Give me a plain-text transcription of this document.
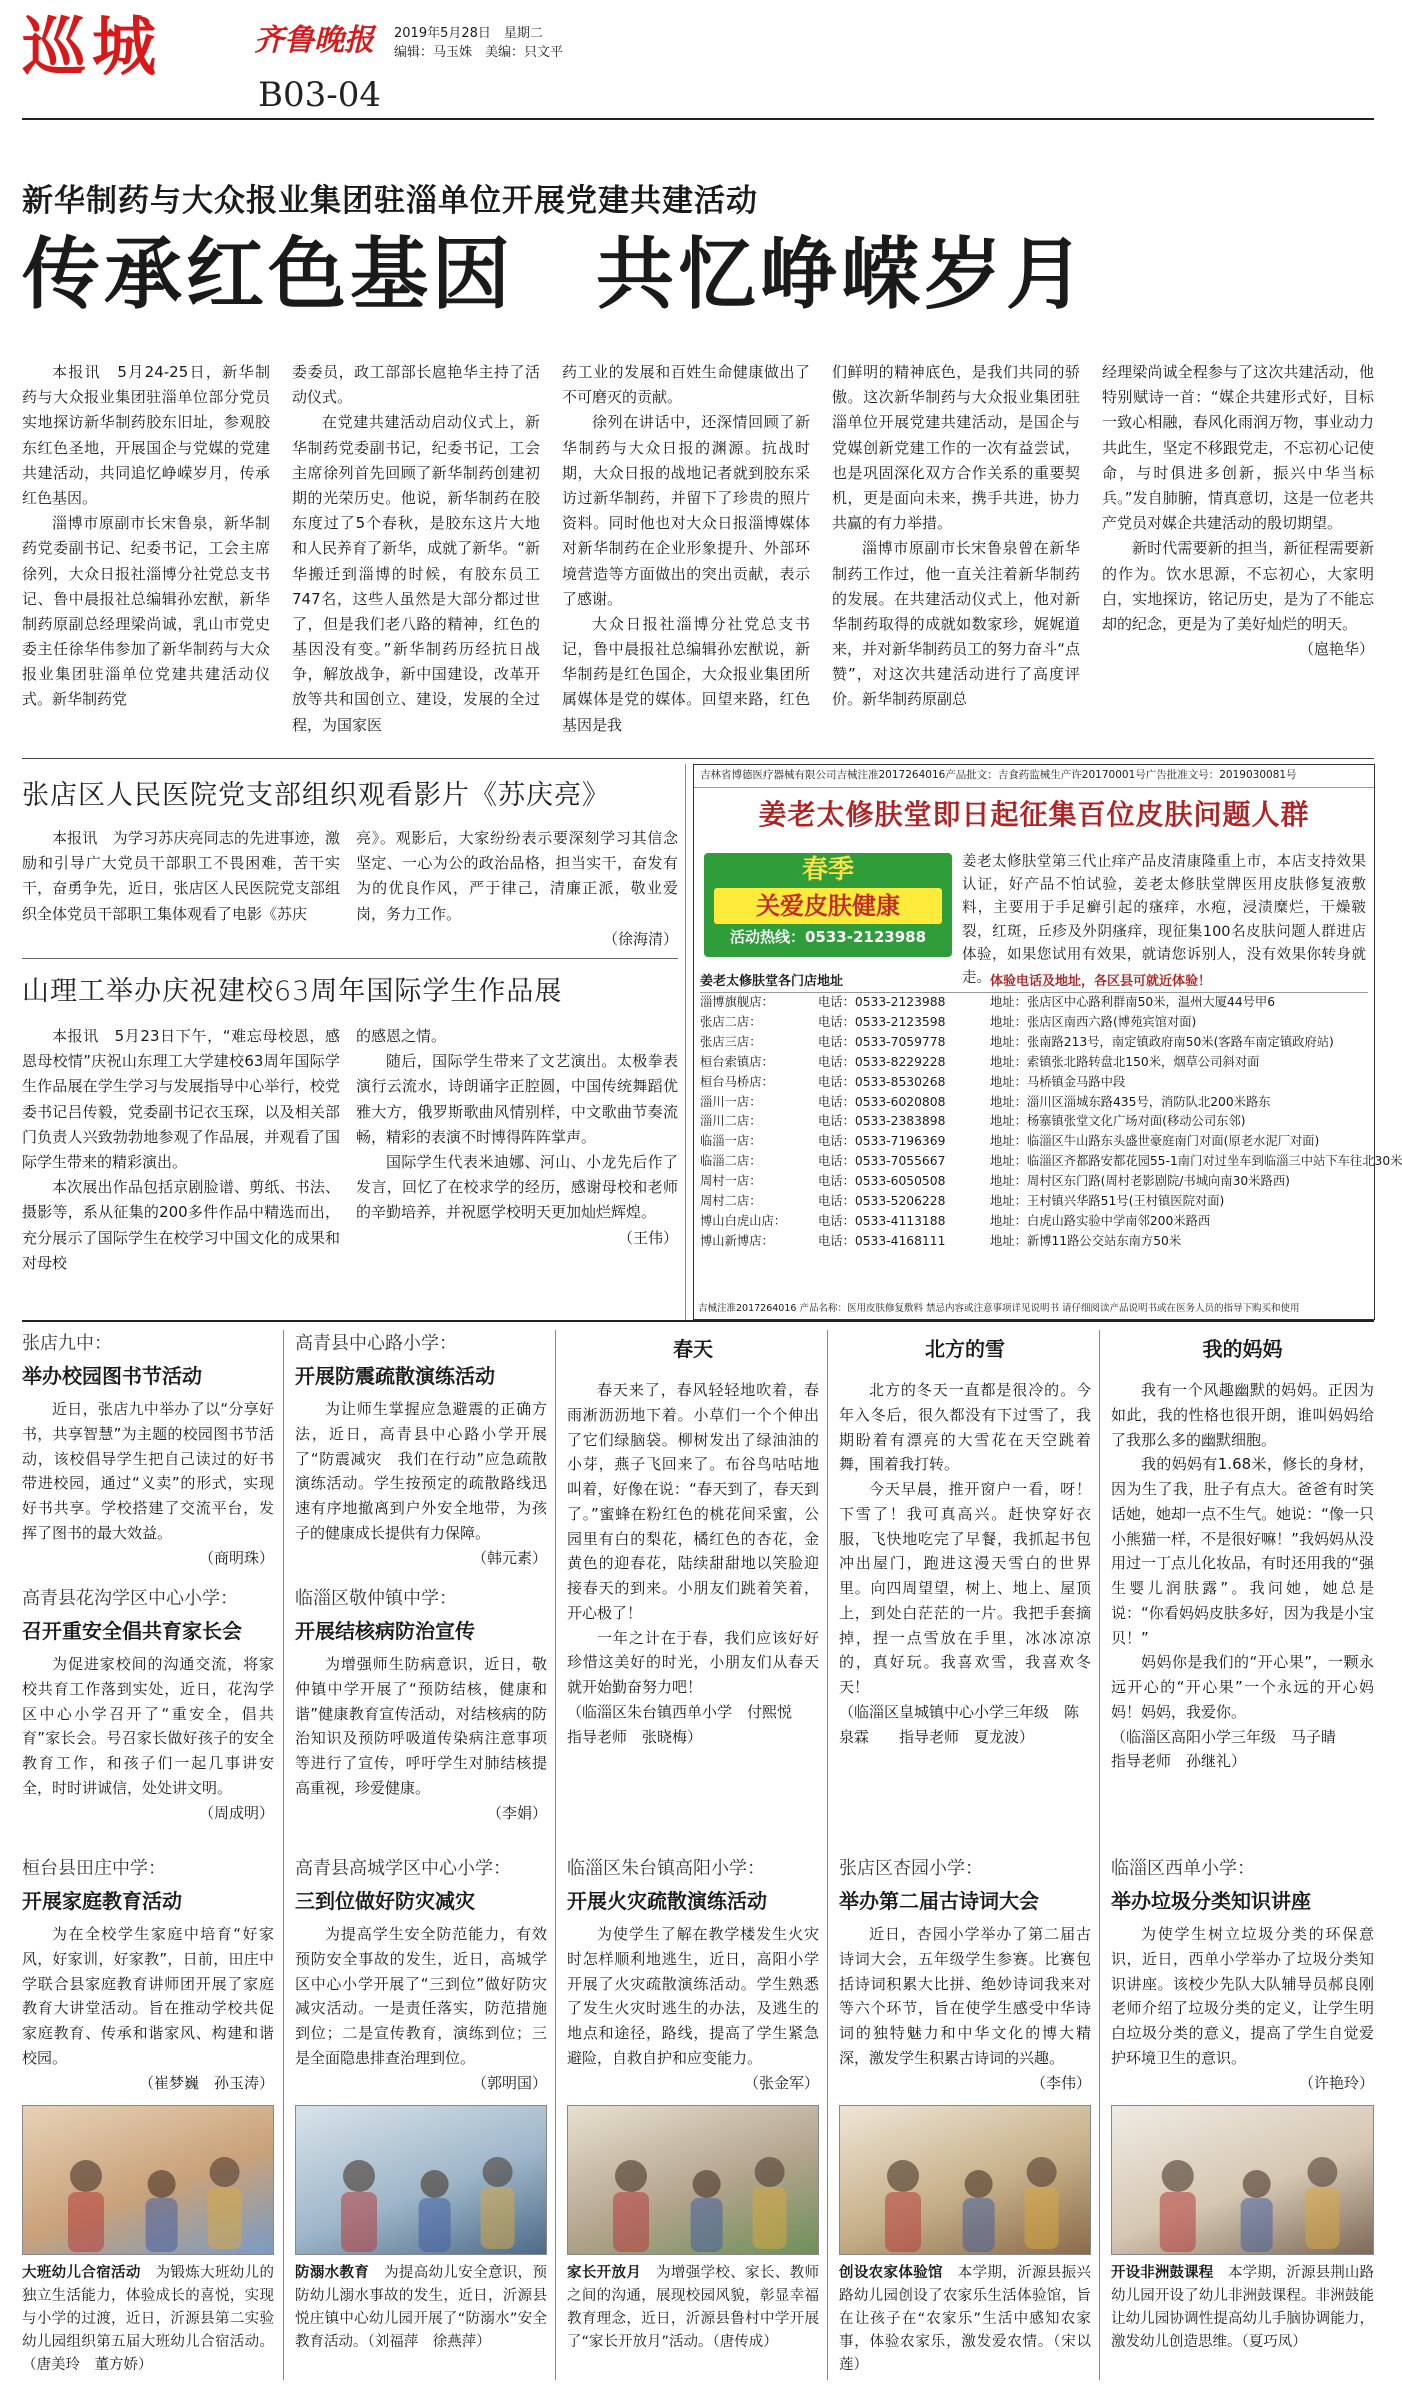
巡城	齐鲁晚报 2019年5月28日　星期二
编辑：马玉姝　美编：只文平
B03-04
新华制药与大众报业集团驻淄单位开展党建共建活动
传承红色基因　共忆峥嵘岁月

本报讯　5月24-25日，新华制药与大众报业集团驻淄单位部分党员实地探访新华制药胶东旧址，参观胶东红色圣地，开展国企与党媒的党建共建活动，共同追忆峥嵘岁月，传承红色基因。

淄博市原副市长宋鲁泉，新华制药党委副书记、纪委书记，工会主席徐列，大众日报社淄博分社党总支书记、鲁中晨报社总编辑孙宏猷，新华制药原副总经理梁尚诚，乳山市党史委主任徐华伟参加了新华制药与大众报业集团驻淄单位党建共建活动仪式。新华制药党

委委员，政工部部长扈艳华主持了活动仪式。

在党建共建活动启动仪式上，新华制药党委副书记，纪委书记，工会主席徐列首先回顾了新华制药创建初期的光荣历史。他说，新华制药在胶东度过了5个春秋，是胶东这片大地和人民养育了新华，成就了新华。“新华搬迁到淄博的时候，有胶东员工747名，这些人虽然是大部分都过世了，但是我们老八路的精神，红色的基因没有变。”新华制药历经抗日战争，解放战争，新中国建设，改革开放等共和国创立、建设，发展的全过程，为国家医

药工业的发展和百姓生命健康做出了不可磨灭的贡献。

徐列在讲话中，还深情回顾了新华制药与大众日报的渊源。抗战时期，大众日报的战地记者就到胶东采访过新华制药，并留下了珍贵的照片资料。同时他也对大众日报淄博媒体对新华制药在企业形象提升、外部环境营造等方面做出的突出贡献，表示了感谢。

大众日报社淄博分社党总支书记，鲁中晨报社总编辑孙宏猷说，新华制药是红色国企，大众报业集团所属媒体是党的媒体。回望来路，红色基因是我

们鲜明的精神底色，是我们共同的骄傲。这次新华制药与大众报业集团驻淄单位开展党建共建活动，是国企与党媒创新党建工作的一次有益尝试，也是巩固深化双方合作关系的重要契机，更是面向未来，携手共进，协力共赢的有力举措。

淄博市原副市长宋鲁泉曾在新华制药工作过，他一直关注着新华制药的发展。在共建活动仪式上，他对新华制药取得的成就如数家珍，娓娓道来，并对新华制药员工的努力奋斗“点赞”，对这次共建活动进行了高度评价。新华制药原副总

经理梁尚诚全程参与了这次共建活动，他特别赋诗一首：“媒企共建形式好，目标一致心相融，春风化雨润万物，事业动力共此生，坚定不移跟党走，不忘初心记使命，与时俱进多创新，振兴中华当标兵。”发自肺腑，情真意切，这是一位老共产党员对媒企共建活动的殷切期望。

新时代需要新的担当，新征程需要新的作为。饮水思源，不忘初心，大家明白，实地探访，铭记历史，是为了不能忘却的纪念，更是为了美好灿烂的明天。

（扈艳华）
张店区人民医院党支部组织观看影片《苏庆亮》

本报讯　为学习苏庆亮同志的先进事迹，激励和引导广大党员干部职工不畏困难，苦干实干，奋勇争先，近日，张店区人民医院党支部组织全体党员干部职工集体观看了电影《苏庆

亮》。观影后，大家纷纷表示要深刻学习其信念坚定、一心为公的政治品格，担当实干，奋发有为的优良作风，严于律己，清廉正派，敬业爱岗，务力工作。

（徐海清）
山理工举办庆祝建校63周年国际学生作品展

本报讯　5月23日下午，“难忘母校恩，感恩母校情”庆祝山东理工大学建校63周年国际学生作品展在学生学习与发展指导中心举行，校党委书记吕传毅，党委副书记衣玉琛，以及相关部门负责人兴致勃勃地参观了作品展，并观看了国际学生带来的精彩演出。

本次展出作品包括京剧脸谱、剪纸、书法、摄影等，系从征集的200多件作品中精选而出，充分展示了国际学生在校学习中国文化的成果和对母校

的感恩之情。

随后，国际学生带来了文艺演出。太极拳表演行云流水，诗朗诵字正腔圆，中国传统舞蹈优雅大方，俄罗斯歌曲风情别样，中文歌曲节奏流畅，精彩的表演不时博得阵阵掌声。

国际学生代表米迪娜、河山、小龙先后作了发言，回忆了在校求学的经历，感谢母校和老师的辛勤培养，并祝愿学校明天更加灿烂辉煌。

（王伟）
吉林省博德医疗器械有限公司吉械注准2017264016产品批文：吉食药监械生产许20170001号广告批准文号：2019030081号
姜老太修肤堂即日起征集百位皮肤问题人群
春季
关爱皮肤健康
活动热线：0533-2123988
姜老太修肤堂第三代止痒产品皮清康隆重上市，本店支持效果认证，好产品不怕试验，姜老太修肤堂牌医用皮肤修复液敷料，主要用于手足癣引起的瘙痒，水疱，浸渍糜烂，干燥皲裂，红斑，丘疹及外阴瘙痒，现征集100名皮肤问题人群进店体验，如果您试用有效果，就请您诉别人，没有效果你转身就走。
姜老太修肤堂各门店地址	体验电话及地址，各区县可就近体验！
淄博旗舰店：	电话：0533-2123988	地址：张店区中心路利群南50米，温州大厦44号甲6
张店二店：	电话：0533-2123598	地址：张店区南西六路(博苑宾馆对面)
张店三店：	电话：0533-7059778	地址：张南路213号，南定镇政府南50米(客路车南定镇政府站)
桓台索镇店：	电话：0533-8229228	地址：索镇张北路转盘北150米，烟草公司斜对面
桓台马桥店：	电话：0533-8530268	地址：马桥镇金马路中段
淄川一店：	电话：0533-6020808	地址：淄川区淄城东路435号，消防队北200米路东
淄川二店：	电话：0533-2383898	地址：杨寨镇张堂文化广场对面(移动公司东邻)
临淄一店：	电话：0533-7196369	地址：临淄区牛山路东头盛世豪庭南门对面(原老水泥厂对面)
临淄二店：	电话：0533-7055667	地址：临淄区齐都路安都花园55-1南门对过坐车到临淄三中站下车往北30米
周村一店：	电话：0533-6050508	地址：周村区东门路(周村老影剧院/书城向南30米路西)
周村二店：	电话：0533-5206228	地址：王村镇兴华路51号(王村镇医院对面)
博山白虎山店：	电话：0533-4113188	地址：白虎山路实验中学南邻200米路西
博山新博店：	电话：0533-4168111	地址：新博11路公交站东南方50米
吉械注准2017264016 产品名称：医用皮肤修复敷料 禁忌内容或注意事项详见说明书 请仔细阅读产品说明书或在医务人员的指导下购买和使用
张店九中：
举办校园图书节活动

近日，张店九中举办了以“分享好书，共享智慧”为主题的校园图书节活动，该校倡导学生把自己读过的好书带进校园，通过“义卖”的形式，实现好书共享。学校搭建了交流平台，发挥了图书的最大效益。

（商明珠）
高青县中心路小学：
开展防震疏散演练活动

为让师生掌握应急避震的正确方法，近日，高青县中心路小学开展了“防震减灾　我们在行动”应急疏散演练活动。学生按预定的疏散路线迅速有序地撤离到户外安全地带，为孩子的健康成长提供有力保障。

（韩元素）
高青县花沟学区中心小学：
召开重安全倡共育家长会

为促进家校间的沟通交流，将家校共育工作落到实处，近日，花沟学区中心小学召开了“重安全，倡共育”家长会。号召家长做好孩子的安全教育工作，和孩子们一起几事讲安全，时时讲诚信，处处讲文明。

（周成明）
临淄区敬仲镇中学：
开展结核病防治宣传

为增强师生防病意识，近日，敬仲镇中学开展了“预防结核，健康和谐”健康教育宣传活动，对结核病的防治知识及预防呼吸道传染病注意事项等进行了宣传，呼吁学生对肺结核提高重视，珍爱健康。

（李娟）
桓台县田庄中学：
开展家庭教育活动

为在全校学生家庭中培育“好家风，好家训，好家教”，日前，田庄中学联合县家庭教育讲师团开展了家庭教育大讲堂活动。旨在推动学校共促家庭教育、传承和谐家风、构建和谐校园。

（崔梦巍　孙玉涛）
高青县高城学区中心小学：
三到位做好防灾减灾

为提高学生安全防范能力，有效预防安全事故的发生，近日，高城学区中心小学开展了“三到位”做好防灾减灾活动。一是责任落实，防范措施到位；二是宣传教育，演练到位；三是全面隐患排查治理到位。

（郭明国）
临淄区朱台镇高阳小学：
开展火灾疏散演练活动

为使学生了解在教学楼发生火灾时怎样顺利地逃生，近日，高阳小学开展了火灾疏散演练活动。学生熟悉了发生火灾时逃生的办法，及逃生的地点和途径，路线，提高了学生紧急避险，自救自护和应变能力。

（张金军）
张店区杏园小学：
举办第二届古诗词大会

近日，杏园小学举办了第二届古诗词大会，五年级学生参赛。比赛包括诗词积累大比拼、绝妙诗词我来对等六个环节，旨在使学生感受中华诗词的独特魅力和中华文化的博大精深，激发学生积累古诗词的兴趣。

（李伟）
临淄区西单小学：
举办垃圾分类知识讲座

为使学生树立垃圾分类的环保意识，近日，西单小学举办了垃圾分类知识讲座。该校少先队大队辅导员郝良刚老师介绍了垃圾分类的定义，让学生明白垃圾分类的意义，提高了学生自觉爱护环境卫生的意识。

（许艳玲）
春天

春天来了，春风轻轻地吹着，春雨淅沥沥地下着。小草们一个个伸出了它们绿脑袋。柳树发出了绿油油的小芽，燕子飞回来了。布谷鸟咕咕地叫着，好像在说：“春天到了，春天到了。”蜜蜂在粉红色的桃花间采蜜，公园里有白的梨花，橘红色的杏花，金黄色的迎春花，陆续甜甜地以笑脸迎接春天的到来。小朋友们跳着笑着，开心极了！

一年之计在于春，我们应该好好珍惜这美好的时光，小朋友们从春天就开始勤奋努力吧！

（临淄区朱台镇西单小学　付熙悦　　指导老师　张晓梅）
北方的雪

北方的冬天一直都是很冷的。今年入冬后，很久都没有下过雪了，我期盼着有漂亮的大雪花在天空跳着舞，围着我打转。

今天早晨，推开窗户一看，呀！下雪了！我可真高兴。赶快穿好衣服，飞快地吃完了早餐，我抓起书包冲出屋门，跑进这漫天雪白的世界里。向四周望望，树上、地上、屋顶上，到处白茫茫的一片。我把手套摘掉，捏一点雪放在手里，冰冰凉凉的，真好玩。我喜欢雪，我喜欢冬天！

（临淄区皇城镇中心小学三年级　陈泉霖　　指导老师　夏龙波）
我的妈妈

我有一个风趣幽默的妈妈。正因为如此，我的性格也很开朗，谁叫妈妈给了我那么多的幽默细胞。

我的妈妈有1.68米，修长的身材，因为生了我，肚子有点大。爸爸有时笑话她，她却一点不生气。她说：“像一只小熊猫一样，不是很好嘛！”我妈妈从没用过一丁点儿化妆品，有时还用我的“强生婴儿润肤露”。我问她，她总是说：“你看妈妈皮肤多好，因为我是小宝贝！”

妈妈你是我们的“开心果”，一颗永远开心的“开心果”一个永远的开心妈妈！妈妈，我爱你。

（临淄区高阳小学三年级　马子睛　　指导老师　孙继礼）
大班幼儿合宿活动　 为锻炼大班幼儿的独立生活能力，体验成长的喜悦，实现与小学的过渡，近日，沂源县第二实验幼儿园组织第五届大班幼儿合宿活动。（唐美玲　董方娇）
防溺水教育　 为提高幼儿安全意识，预防幼儿溺水事故的发生，近日，沂源县悦庄镇中心幼儿园开展了“防溺水”安全教育活动。（刘福萍　徐燕萍）
家长开放月　 为增强学校、家长、教师之间的沟通，展现校园风貌，彰显幸福教育理念，近日，沂源县鲁村中学开展了“家长开放月”活动。（唐传成）
创设农家体验馆　 本学期，沂源县振兴路幼儿园创设了农家乐生活体验馆，旨在让孩子在“农家乐”生活中感知农家事，体验农家乐，激发爱农情。（宋以莲）
开设非洲鼓课程　 本学期，沂源县荆山路幼儿园开设了幼儿非洲鼓课程。非洲鼓能让幼儿园协调性提高幼儿手脑协调能力，激发幼儿创造思维。（夏巧凤）
